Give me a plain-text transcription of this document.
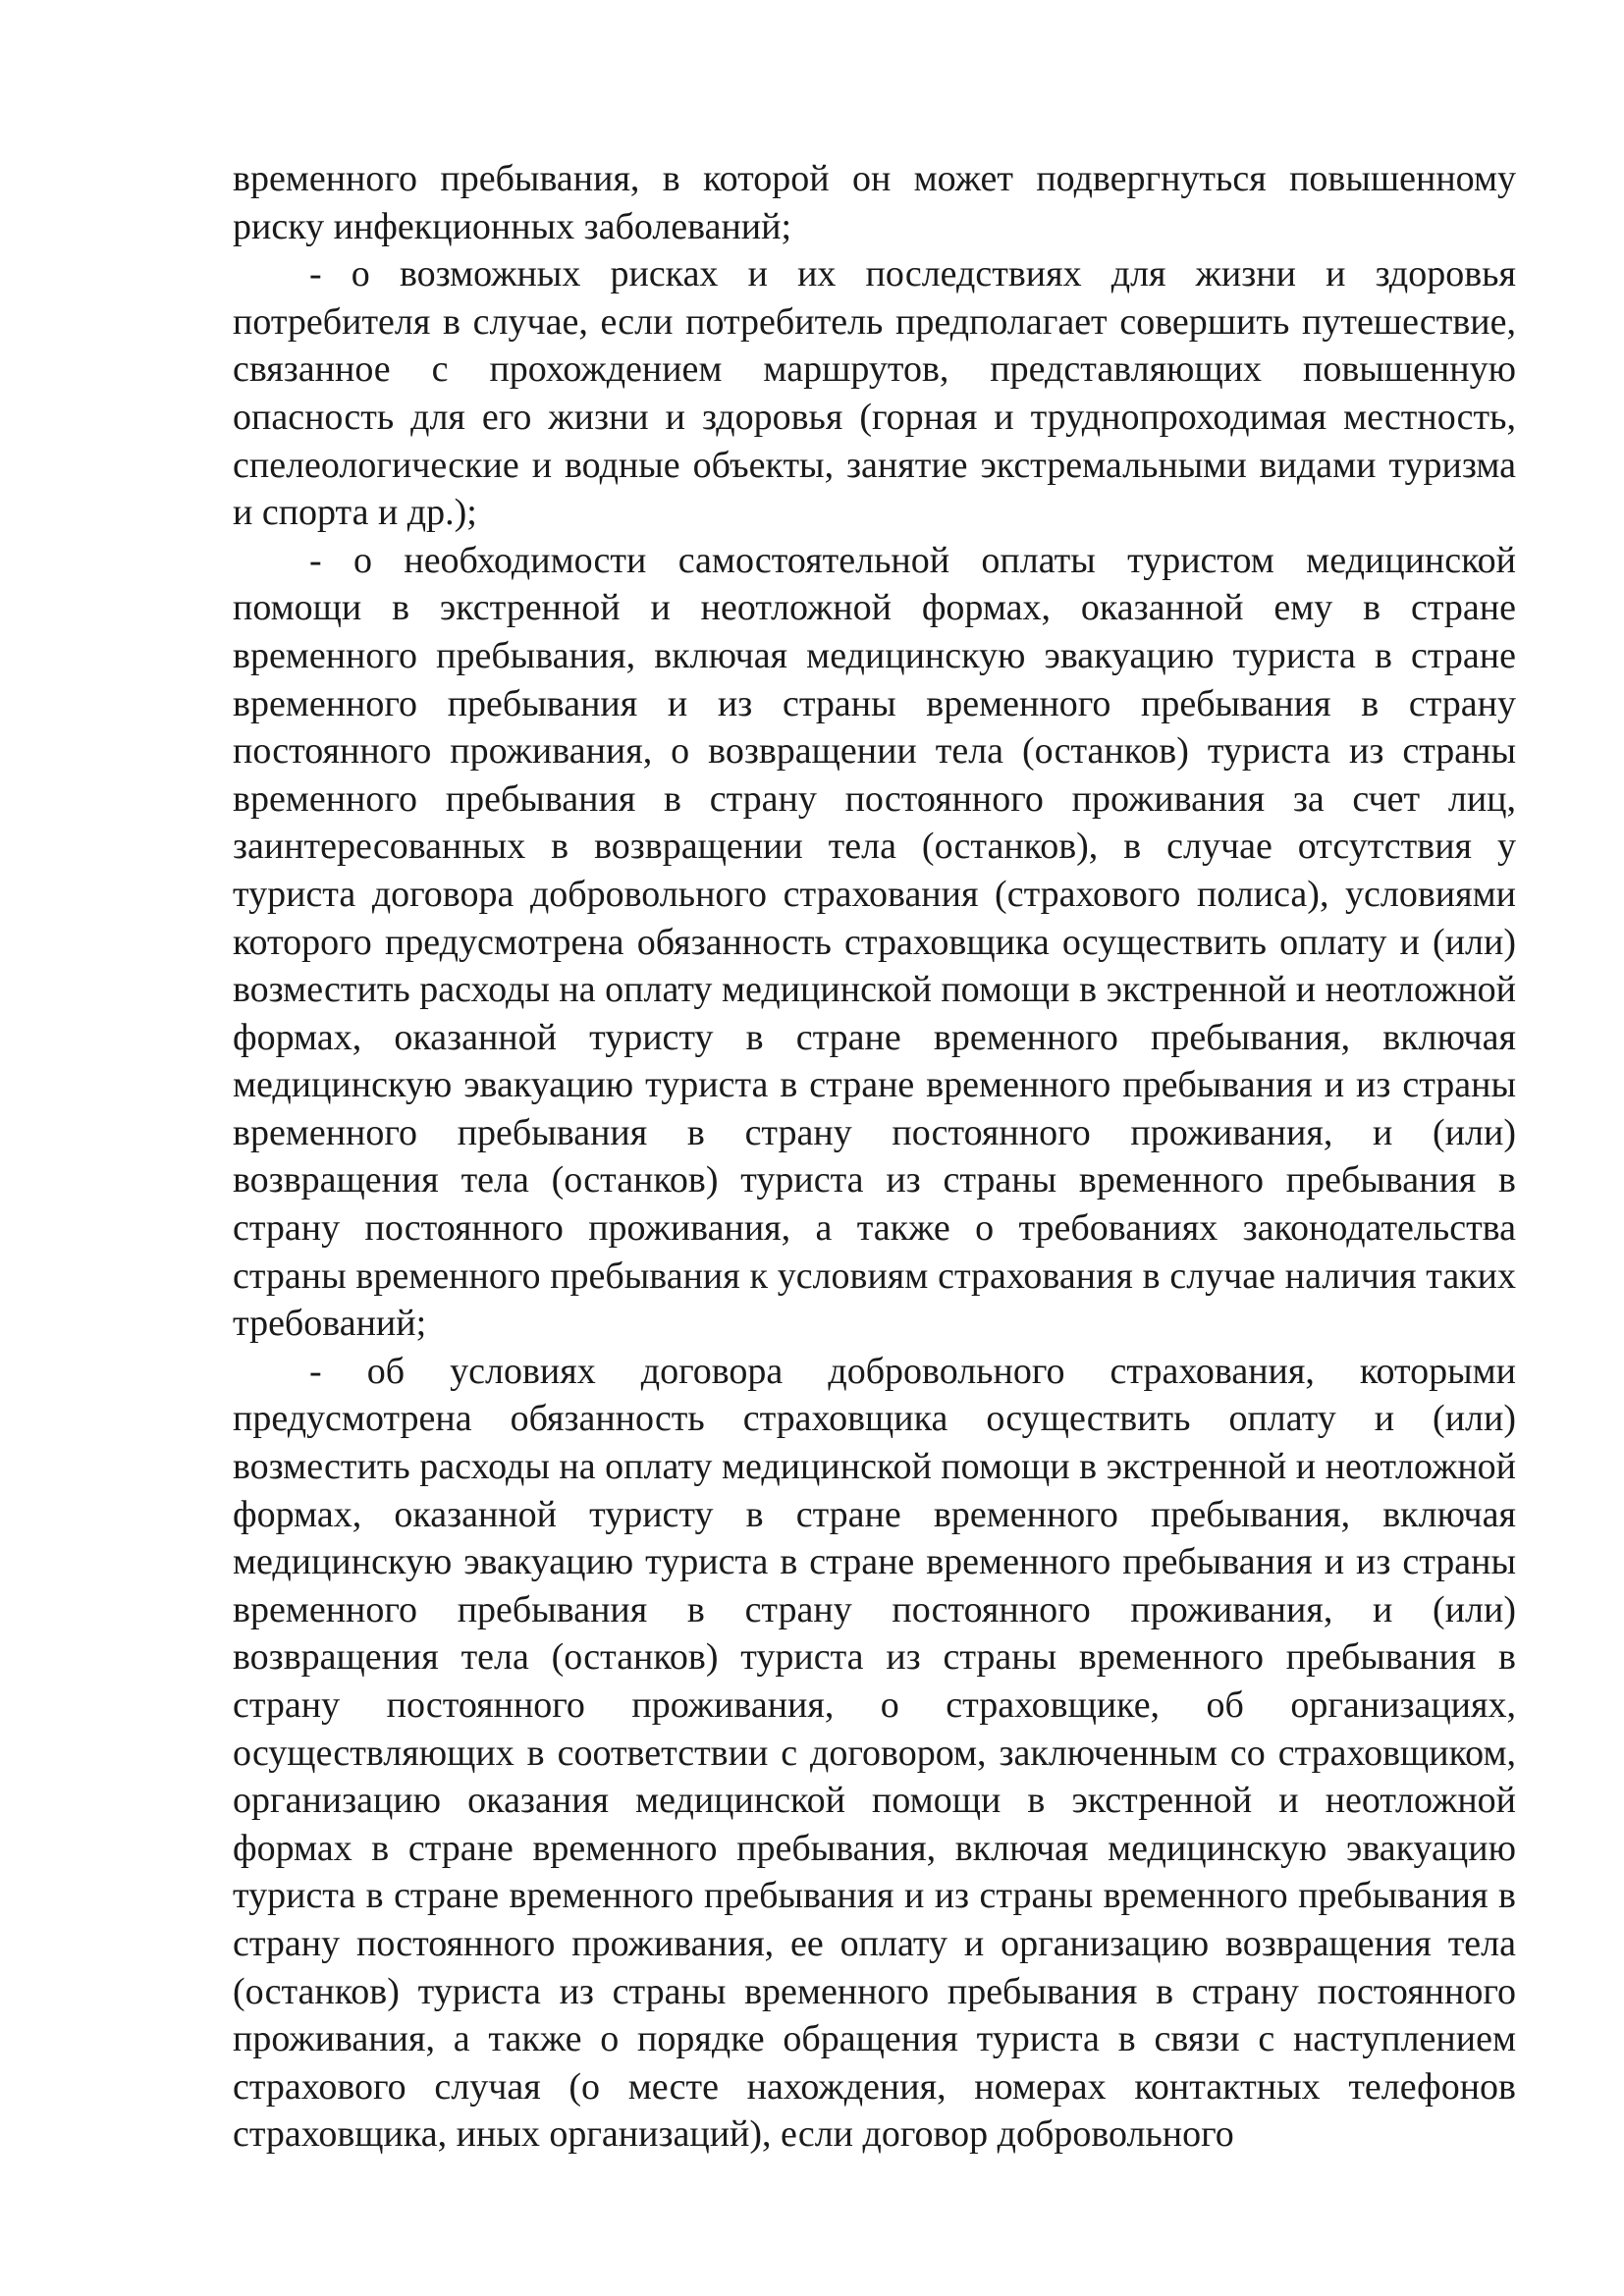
временного пребывания, в которой он может подвергнуться повышенному риску инфекционных заболеваний;

- о возможных рисках и их последствиях для жизни и здоровья потребителя в случае, если потребитель предполагает совершить путешествие, связанное с прохождением маршрутов, представляющих повышенную опасность для его жизни и здоровья (горная и труднопроходимая местность, спелеологические и водные объекты, занятие экстремальными видами туризма и спорта и др.);

- о необходимости самостоятельной оплаты туристом медицинской помощи в экстренной и неотложной формах, оказанной ему в стране временного пребывания, включая медицинскую эвакуацию туриста в стране временного пребывания и из страны временного пребывания в страну постоянного проживания, о возвращении тела (останков) туриста из страны временного пребывания в страну постоянного проживания за счет лиц, заинтересованных в возвращении тела (останков), в случае отсутствия у туриста договора добровольного страхования (страхового полиса), условиями которого предусмотрена обязанность страховщика осуществить оплату и (или) возместить расходы на оплату медицинской помощи в экстренной и неотложной формах, оказанной туристу в стране временного пребывания, включая медицинскую эвакуацию туриста в стране временного пребывания и из страны временного пребывания в страну постоянного проживания, и (или) возвращения тела (останков) туриста из страны временного пребывания в страну постоянного проживания, а также о требованиях законодательства страны временного пребывания к условиям страхования в случае наличия таких требований;

- об условиях договора добровольного страхования, которыми предусмотрена обязанность страховщика осуществить оплату и (или) возместить расходы на оплату медицинской помощи в экстренной и неотложной формах, оказанной туристу в стране временного пребывания, включая медицинскую эвакуацию туриста в стране временного пребывания и из страны временного пребывания в страну постоянного проживания, и (или) возвращения тела (останков) туриста из страны временного пребывания в страну постоянного проживания, о страховщике, об организациях, осуществляющих в соответствии с договором, заключенным со страховщиком, организацию оказания медицинской помощи в экстренной и неотложной формах в стране временного пребывания, включая медицинскую эвакуацию туриста в стране временного пребывания и из страны временного пребывания в страну постоянного проживания, ее оплату и организацию возвращения тела (останков) туриста из страны временного пребывания в страну постоянного проживания, а также о порядке обращения туриста в связи с наступлением страхового случая (о месте нахождения, номерах контактных телефонов страховщика, иных организаций), если договор добровольного
